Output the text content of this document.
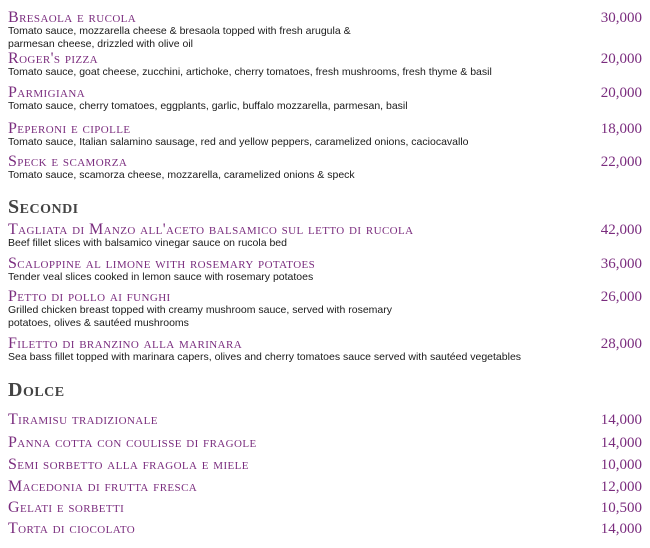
Bresaola e rucola	30,000
Tomato sauce, mozzarella cheese & bresaola topped with fresh arugula & parmesan cheese, drizzled with olive oil
Roger's pizza	20,000
Tomato sauce, goat cheese, zucchini, artichoke, cherry tomatoes, fresh mushrooms, fresh thyme & basil
Parmigiana	20,000
Tomato sauce, cherry tomatoes, eggplants, garlic, buffalo mozzarella, parmesan, basil
Peperoni e cipolle	18,000
Tomato sauce, Italian salamino sausage, red and yellow peppers, caramelized onions, caciocavallo
Speck e scamorza	22,000
Tomato sauce, scamorza cheese, mozzarella, caramelized onions & speck
Secondi
Tagliata di Manzo all'aceto balsamico sul letto di rucola	42,000
Beef fillet slices with balsamico vinegar sauce on rucola bed
Scaloppine al limone with rosemary potatoes	36,000
Tender veal slices cooked in lemon sauce with rosemary potatoes
Petto di pollo ai funghi	26,000
Grilled chicken breast topped with creamy mushroom sauce, served with rosemary potatoes, olives & sautéed mushrooms
Filetto di branzino alla marinara	28,000
Sea bass fillet topped with marinara capers, olives and cherry tomatoes sauce served with sautéed vegetables
Dolce
Tiramisu tradizionale	14,000
Panna cotta con coulisse di fragole	14,000
Semi sorbetto alla fragola e miele	10,000
Macedonia di frutta fresca	12,000
Gelati e sorbetti	10,500
Torta di ciocolato	14,000
